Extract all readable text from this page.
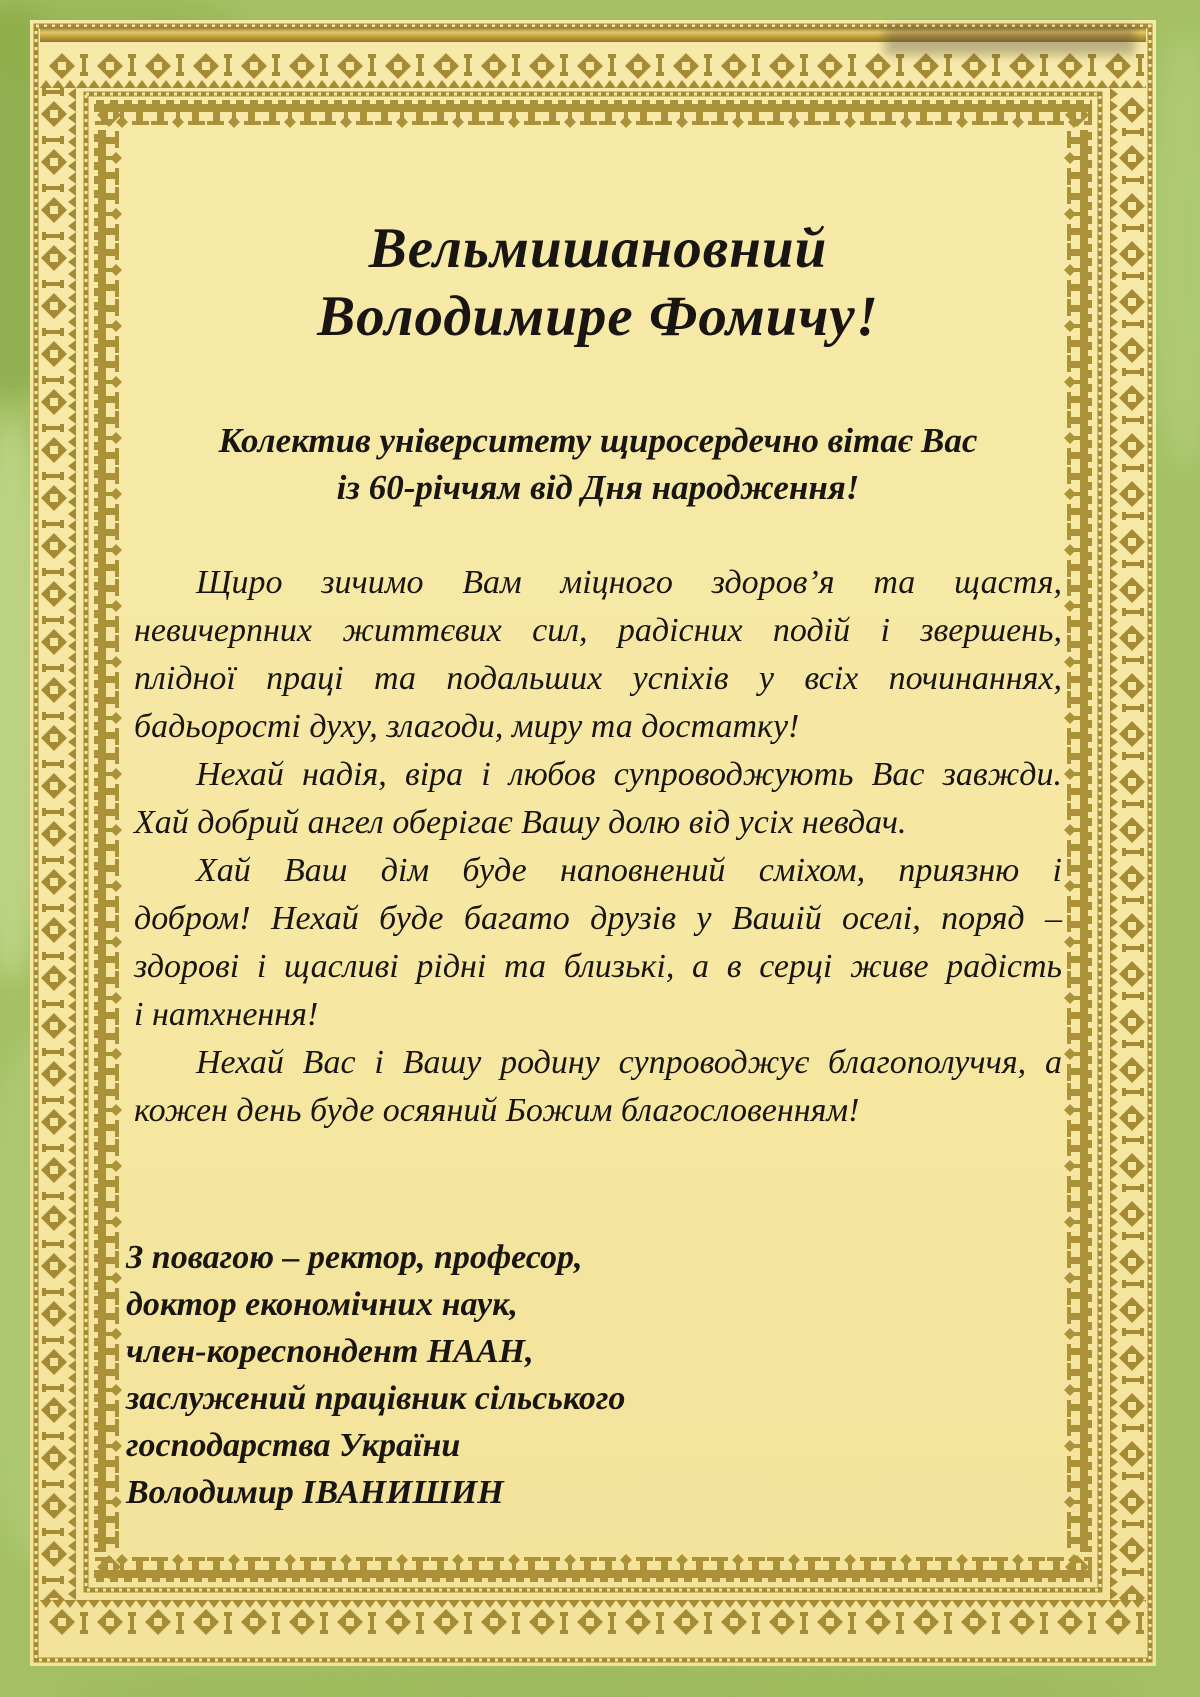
Вельмишановний
Володимире Фомичу!
Колектив університету щиросердечно вітає Вас
із 60-річчям від Дня народження!
Щиро зичимо Вам міцного здоров’я та щастя,
невичерпних життєвих сил, радісних подій і звершень,
плідної праці та подальших успіхів у всіх починаннях,
бадьорості духу, злагоди, миру та достатку!
Нехай надія, віра і любов супроводжують Вас завжди.
Хай добрий ангел оберігає Вашу долю від усіх невдач.
Хай Ваш дім буде наповнений сміхом, приязню і
добром! Нехай буде багато друзів у Вашій оселі, поряд –
здорові і щасливі рідні та близькі, а в серці живе радість
і натхнення!
Нехай Вас і Вашу родину супроводжує благополуччя, а
кожен день буде осяяний Божим благословенням!
З повагою – ректор, професор,
доктор економічних наук,
член-кореспондент НААН,
заслужений працівник сільського
господарства України
Володимир ІВАНИШИН
